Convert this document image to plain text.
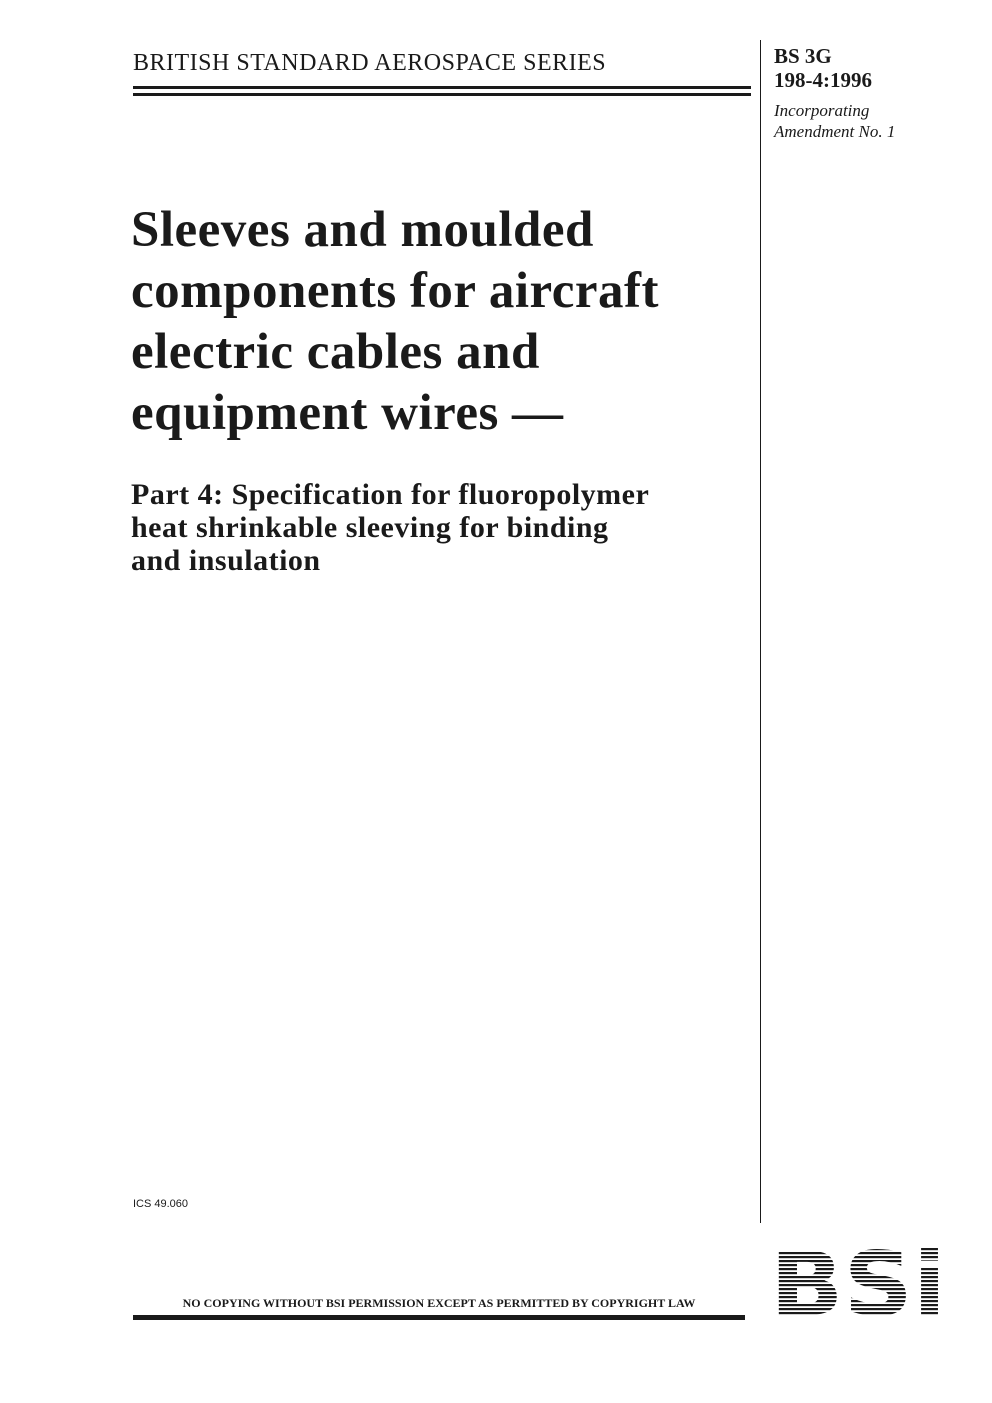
BRITISH STANDARD AEROSPACE SERIES	BS 3G
198-4:1996
Incorporating
Amendment No. 1
Sleeves and moulded
components for aircraft
electric cables and
equipment wires —
Part 4: Specification for fluoropolymer
heat shrinkable sleeving for binding
and insulation
ICS 49.060
NO COPYING WITHOUT BSI PERMISSION EXCEPT AS PERMITTED BY COPYRIGHT LAW
